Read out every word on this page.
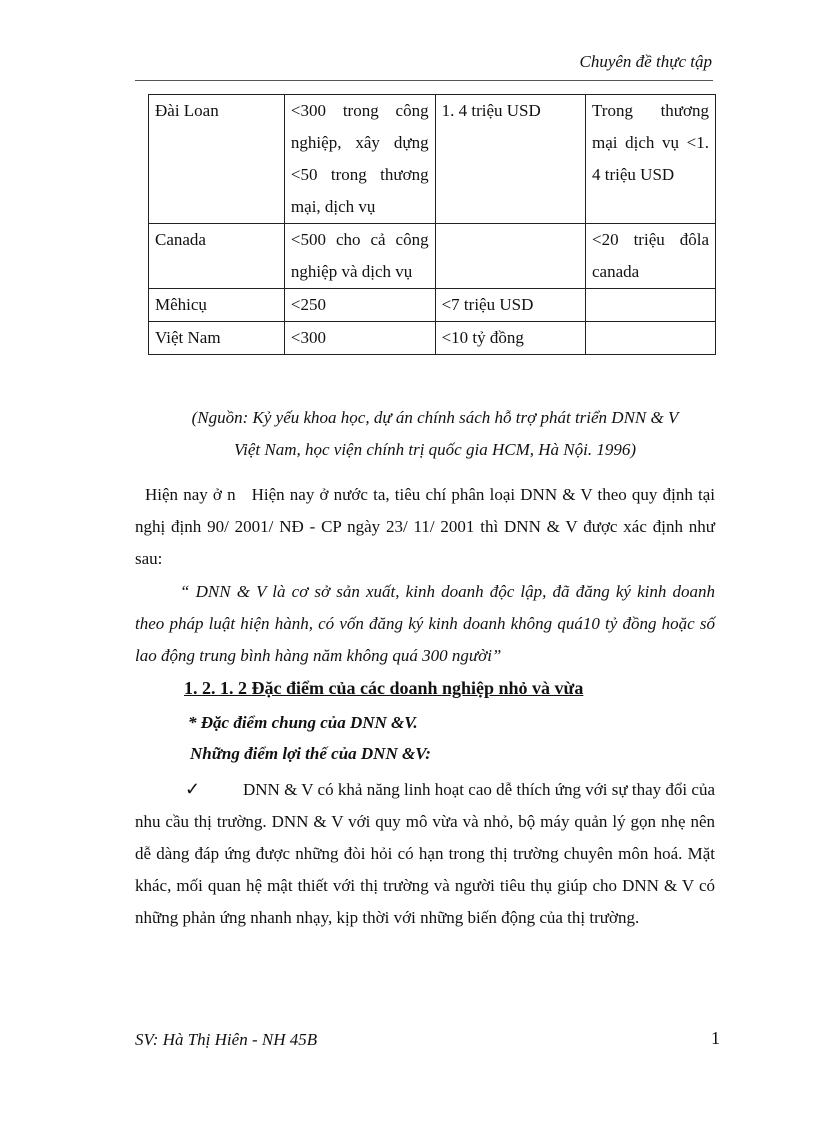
Chuyên đề thực tập
Đài Loan	<300 trong công nghiệp, xây dựng <50 trong thương mại, dịch vụ	1. 4 triệu USD	Trong thương mại dịch vụ <1. 4 triệu USD
Canada	<500 cho cả công nghiệp và dịch vụ		<20 triệu đôla canada
Mêhicụ	<250	<7 triệu USD	
Việt Nam	<300	<10 tỷ đồng	
(Nguồn: Kỷ yếu khoa học, dự án chính sách hỗ trợ phát triển DNN & V
Việt Nam, học viện chính trị quốc gia HCM, Hà Nội. 1996)
Hiện nay ở n Hiện nay ở nước ta, tiêu chí phân loại DNN & V theo quy định tại nghị định 90/ 2001/ NĐ - CP ngày 23/ 11/ 2001 thì DNN & V được xác định như sau:
“ DNN & V là cơ sở sản xuất, kinh doanh độc lập, đã đăng ký kinh doanh theo pháp luật hiện hành, có vốn đăng ký kinh doanh không quá10 tỷ đồng hoặc số lao động trung bình hàng năm không quá 300 người”
1. 2. 1. 2 Đặc điểm của các doanh nghiệp nhỏ và vừa
* Đặc điểm chung của DNN &V.
Những điểm lợi thế của DNN &V:
✓	DNN & V có khả năng linh hoạt cao dễ thích ứng với sự thay đổi của nhu cầu thị trường. DNN & V với quy mô vừa và nhỏ, bộ máy quản lý gọn nhẹ nên dễ dàng đáp ứng được những đòi hỏi có hạn trong thị trường chuyên môn hoá. Mặt khác, mối quan hệ mật thiết với thị trường và người tiêu thụ giúp cho DNN & V có những phản ứng nhanh nhạy, kịp thời với những biến động của thị trường.
SV: Hà Thị Hiên - NH 45B	1
